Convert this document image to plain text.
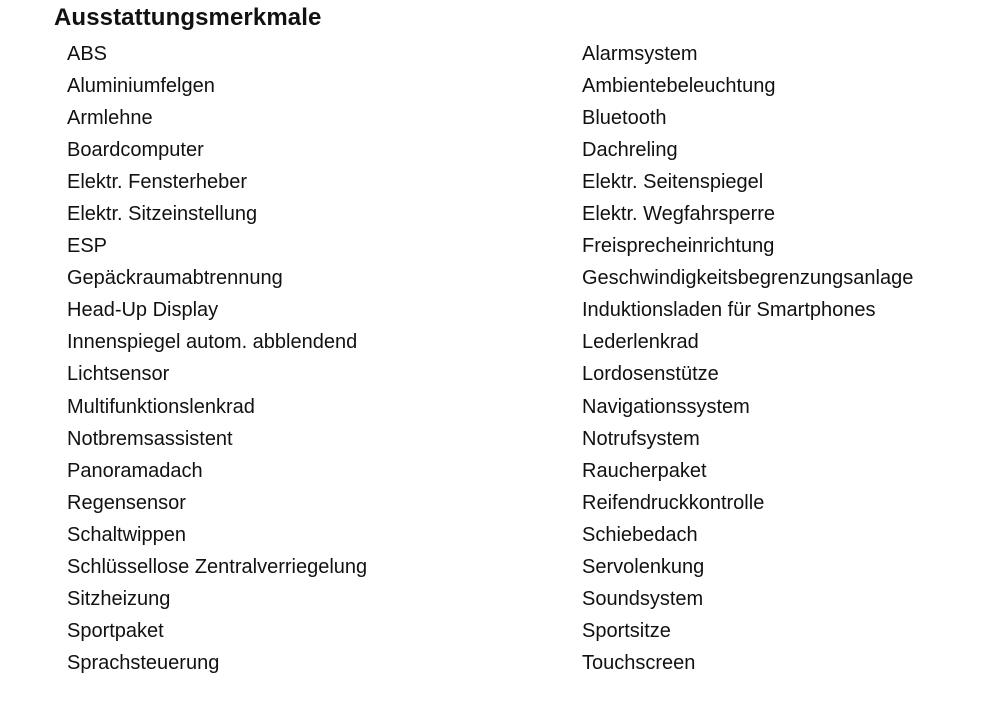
Ausstattungsmerkmale
ABS	Alarmsystem
Aluminiumfelgen	Ambientebeleuchtung
Armlehne	Bluetooth
Boardcomputer	Dachreling
Elektr. Fensterheber	Elektr. Seitenspiegel
Elektr. Sitzeinstellung	Elektr. Wegfahrsperre
ESP	Freisprecheinrichtung
Gepäckraumabtrennung	Geschwindigkeitsbegrenzungsanlage
Head-Up Display	Induktionsladen für Smartphones
Innenspiegel autom. abblendend	Lederlenkrad
Lichtsensor	Lordosenstütze
Multifunktionslenkrad	Navigationssystem
Notbremsassistent	Notrufsystem
Panoramadach	Raucherpaket
Regensensor	Reifendruckkontrolle
Schaltwippen	Schiebedach
Schlüssellose Zentralverriegelung	Servolenkung
Sitzheizung	Soundsystem
Sportpaket	Sportsitze
Sprachsteuerung	Touchscreen
